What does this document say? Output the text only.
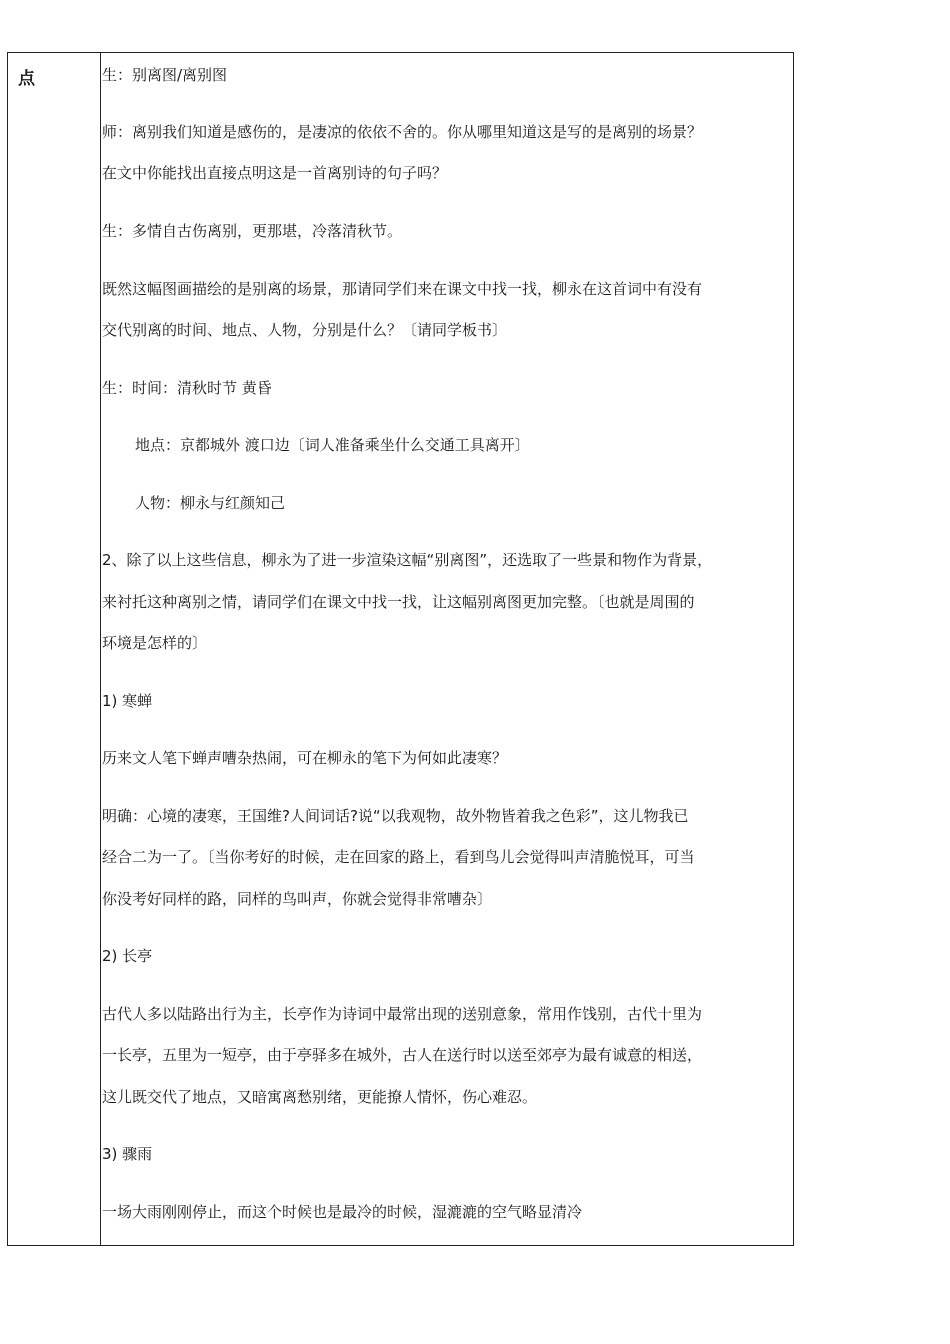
点	生：别离图/离别图
师：离别我们知道是感伤的，是凄凉的依依不舍的。你从哪里知道这是写的是离别的场景？
在文中你能找出直接点明这是一首离别诗的句子吗？
生：多情自古伤离别，更那堪，冷落清秋节。
既然这幅图画描绘的是别离的场景，那请同学们来在课文中找一找，柳永在这首词中有没有
交代别离的时间、地点、人物，分别是什么？〔请同学板书〕
生：时间：清秋时节 黄昏
地点：京都城外 渡口边〔词人准备乘坐什么交通工具离开〕
人物：柳永与红颜知己
2、除了以上这些信息，柳永为了进一步渲染这幅“别离图”，还选取了一些景和物作为背景，
来衬托这种离别之情，请同学们在课文中找一找，让这幅别离图更加完整。〔也就是周围的
环境是怎样的〕
1) 寒蝉
历来文人笔下蝉声嘈杂热闹，可在柳永的笔下为何如此凄寒？
明确：心境的凄寒，王国维?人间词话?说“以我观物，故外物皆着我之色彩”，这儿物我已
经合二为一了。〔当你考好的时候，走在回家的路上，看到鸟儿会觉得叫声清脆悦耳，可当
你没考好同样的路，同样的鸟叫声，你就会觉得非常嘈杂〕
2) 长亭
古代人多以陆路出行为主，长亭作为诗词中最常出现的送别意象，常用作饯别，古代十里为
一长亭，五里为一短亭，由于亭驿多在城外，古人在送行时以送至郊亭为最有诚意的相送，
这儿既交代了地点，又暗寓离愁别绪，更能撩人情怀，伤心难忍。
3) 骤雨
一场大雨刚刚停止，而这个时候也是最冷的时候，湿漉漉的空气略显清冷
